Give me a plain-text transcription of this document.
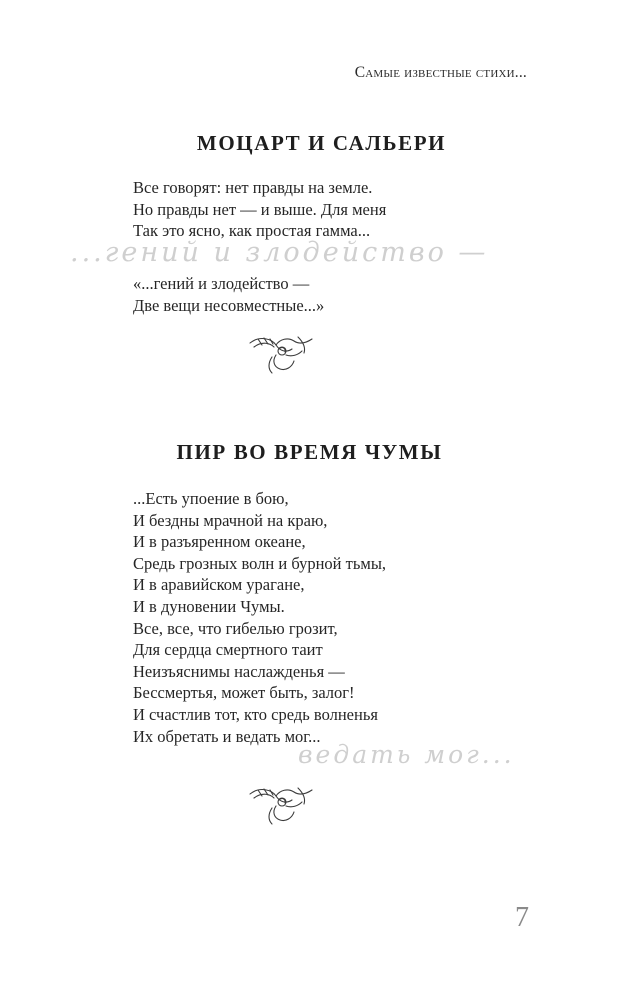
Самые известные стихи...
МОЦАРТ И САЛЬЕРИ
...гений и злодейство —
Все говорят: нет правды на земле.
Но правды нет — и выше. Для меня
Так это ясно, как простая гамма...
«...гений и злодейство —
Две вещи несовместные...»
ПИР ВО ВРЕМЯ ЧУМЫ
ведать мог...
...Есть упоение в бою,
И бездны мрачной на краю,
И в разъяренном океане,
Средь грозных волн и бурной тьмы,
И в аравийском урагане,
И в дуновении Чумы.
Все, все, что гибелью грозит,
Для сердца смертного таит
Неизъяснимы наслажденья —
Бессмертья, может быть, залог!
И счастлив тот, кто средь волненья
Их обретать и ведать мог...
7
